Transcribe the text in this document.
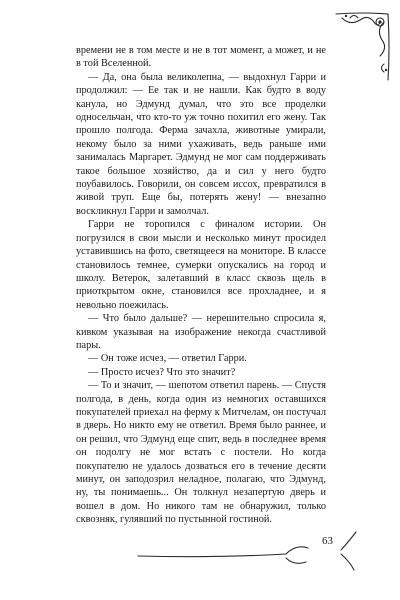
времени не в том месте и не в тот момент, а может, и не в той Вселенной.

— Да, она была великолепна, — выдохнул Гарри и продолжил: — Ее так и не нашли. Как будто в воду канула, но Эдмунд думал, что это все проделки односельчан, что кто-то уж точно похитил его жену. Так прошло полгода. Ферма зачахла, животные умирали, некому было за ними ухаживать, ведь раньше ими занималась Маргарет. Эдмунд не мог сам поддерживать такое большое хозяйство, да и сил у него будто поубавилось. Говорили, он совсем иссох, превратился в живой труп. Еще бы, потерять жену! — внезапно воскликнул Гарри и замолчал.

Гарри не торопился с финалом истории. Он погрузился в свои мысли и несколько минут просидел уставившись на фото, светящееся на мониторе. В классе становилось темнее, сумерки опускались на город и школу. Ветерок, залетавший в класс сквозь щель в приоткрытом окне, становился все прохладнее, и я невольно поежилась.

— Что было дальше? — нерешительно спросила я, кивком указывая на изображение некогда счастливой пары.

— Он тоже исчез, — ответил Гарри.

— Просто исчез? Что это значит?

— То и значит, — шепотом ответил парень. — Спустя полгода, в день, когда один из немногих оставшихся покупателей приехал на ферму к Митчелам, он постучал в дверь. Но никто ему не ответил. Время было раннее, и он решил, что Эдмунд еще спит, ведь в последнее время он подолгу не мог встать с постели. Но когда покупателю не удалось дозваться его в течение десяти минут, он заподозрил неладное, полагаю, что Эдмунд, ну, ты понимаешь... Он толкнул незапертую дверь и вошел в дом. Но никого там не обнаружил, только сквозняк, гулявший по пустынной гостиной.

63
